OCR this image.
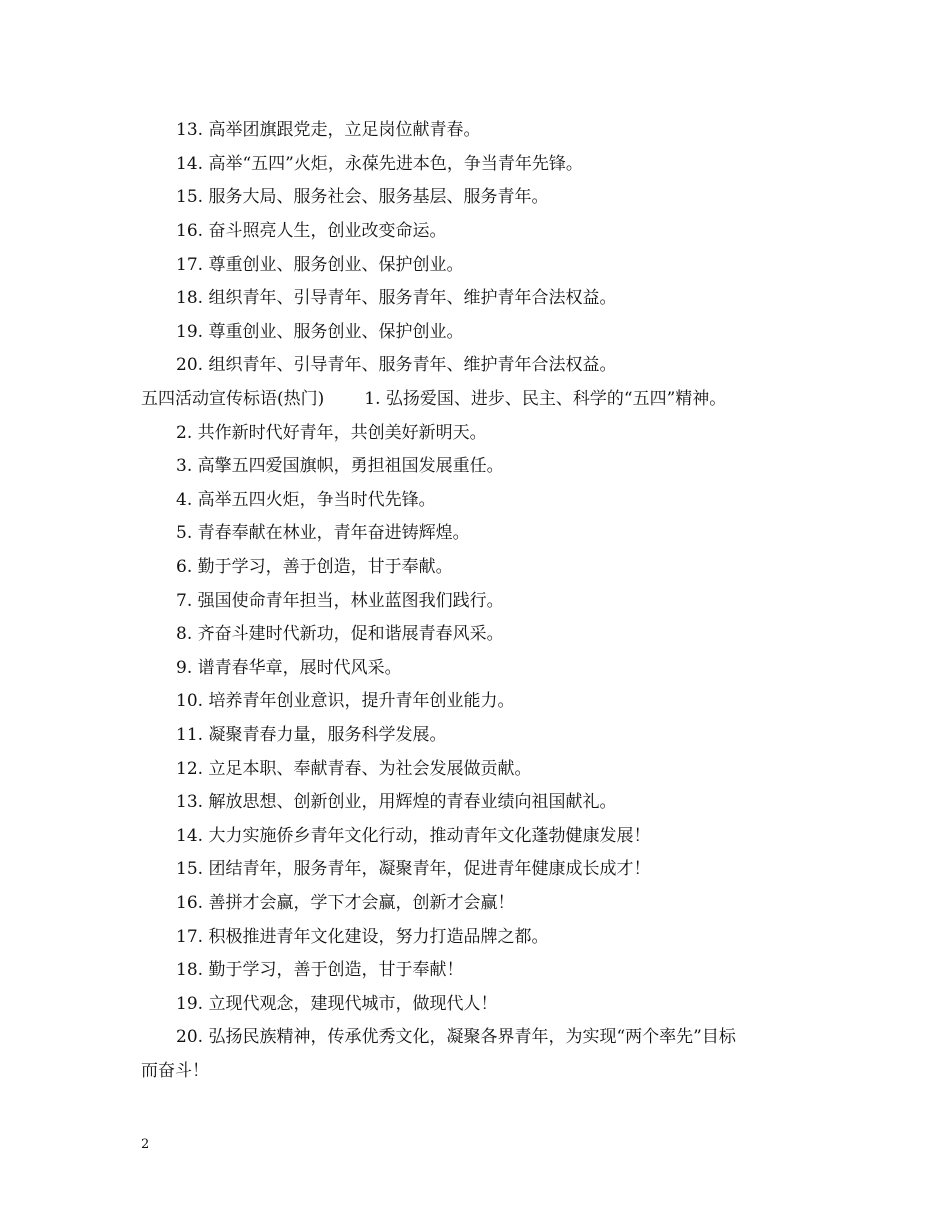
13. 高举团旗跟党走，立足岗位献青春。
14. 高举“五四”火炬，永葆先进本色，争当青年先锋。
15. 服务大局、服务社会、服务基层、服务青年。
16. 奋斗照亮人生，创业改变命运。
17. 尊重创业、服务创业、保护创业。
18. 组织青年、引导青年、服务青年、维护青年合法权益。
19. 尊重创业、服务创业、保护创业。
20. 组织青年、引导青年、服务青年、维护青年合法权益。
五四活动宣传标语(热门) 1. 弘扬爱国、进步、民主、科学的“五四”精神。
2. 共作新时代好青年，共创美好新明天。
3. 高擎五四爱国旗帜，勇担祖国发展重任。
4. 高举五四火炬，争当时代先锋。
5. 青春奉献在林业，青年奋进铸辉煌。
6. 勤于学习，善于创造，甘于奉献。
7. 强国使命青年担当，林业蓝图我们践行。
8. 齐奋斗建时代新功，促和谐展青春风采。
9. 谱青春华章，展时代风采。
10. 培养青年创业意识，提升青年创业能力。
11. 凝聚青春力量，服务科学发展。
12. 立足本职、奉献青春、为社会发展做贡献。
13. 解放思想、创新创业，用辉煌的青春业绩向祖国献礼。
14. 大力实施侨乡青年文化行动，推动青年文化蓬勃健康发展！
15. 团结青年，服务青年，凝聚青年，促进青年健康成长成才！
16. 善拼才会赢，学下才会赢，创新才会赢！
17. 积极推进青年文化建设，努力打造品牌之都。
18. 勤于学习，善于创造，甘于奉献！
19. 立现代观念，建现代城市，做现代人！
20. 弘扬民族精神，传承优秀文化，凝聚各界青年，为实现“两个率先”目标
而奋斗！
2
